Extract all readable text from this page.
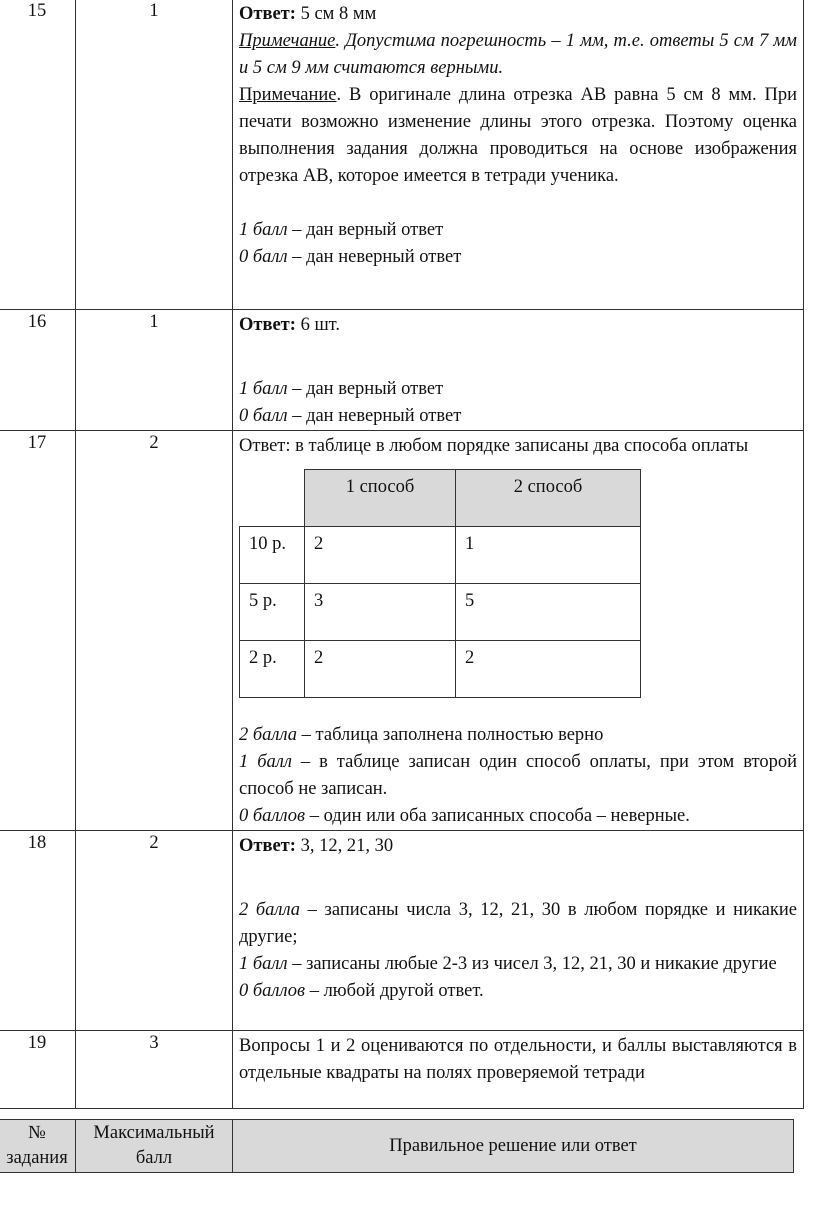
15	1	Ответ: 5 см 8 мм
Примечание. Допустима погрешность – 1 мм, т.е. ответы 5 см 7 мм и 5 см 9 мм считаются верными.
Примечание. В оригинале длина отрезка АВ равна 5 см 8 мм. При печати возможно изменение длины этого отрезка. Поэтому оценка выполнения задания должна проводиться на основе изображения отрезка АВ, которое имеется в тетради ученика.
1 балл – дан верный ответ
0 балл – дан неверный ответ

16	1	Ответ: 6 шт.
1 балл – дан верный ответ
0 балл – дан неверный ответ

17	2	Ответ: в таблице в любом порядке записаны два способа оплаты
	1 способ	2 способ
10 р.	2	1
5 р.	3	5
2 р.	2	2
2 балла – таблица заполнена полностью верно
1 балл – в таблице записан один способ оплаты, при этом второй способ не записан.
0 баллов – один или оба записанных способа – неверные.

18	2	Ответ: 3, 12, 21, 30
2 балла – записаны числа 3, 12, 21, 30 в любом порядке и никакие другие;
1 балл – записаны любые 2-3 из чисел 3, 12, 21, 30 и никакие другие
0 баллов – любой другой ответ.

19	3	Вопросы 1 и 2 оцениваются по отдельности, и баллы выставляются в отдельные квадраты на полях проверяемой тетради
№ задания	Максимальный балл	Правильное решение или ответ
